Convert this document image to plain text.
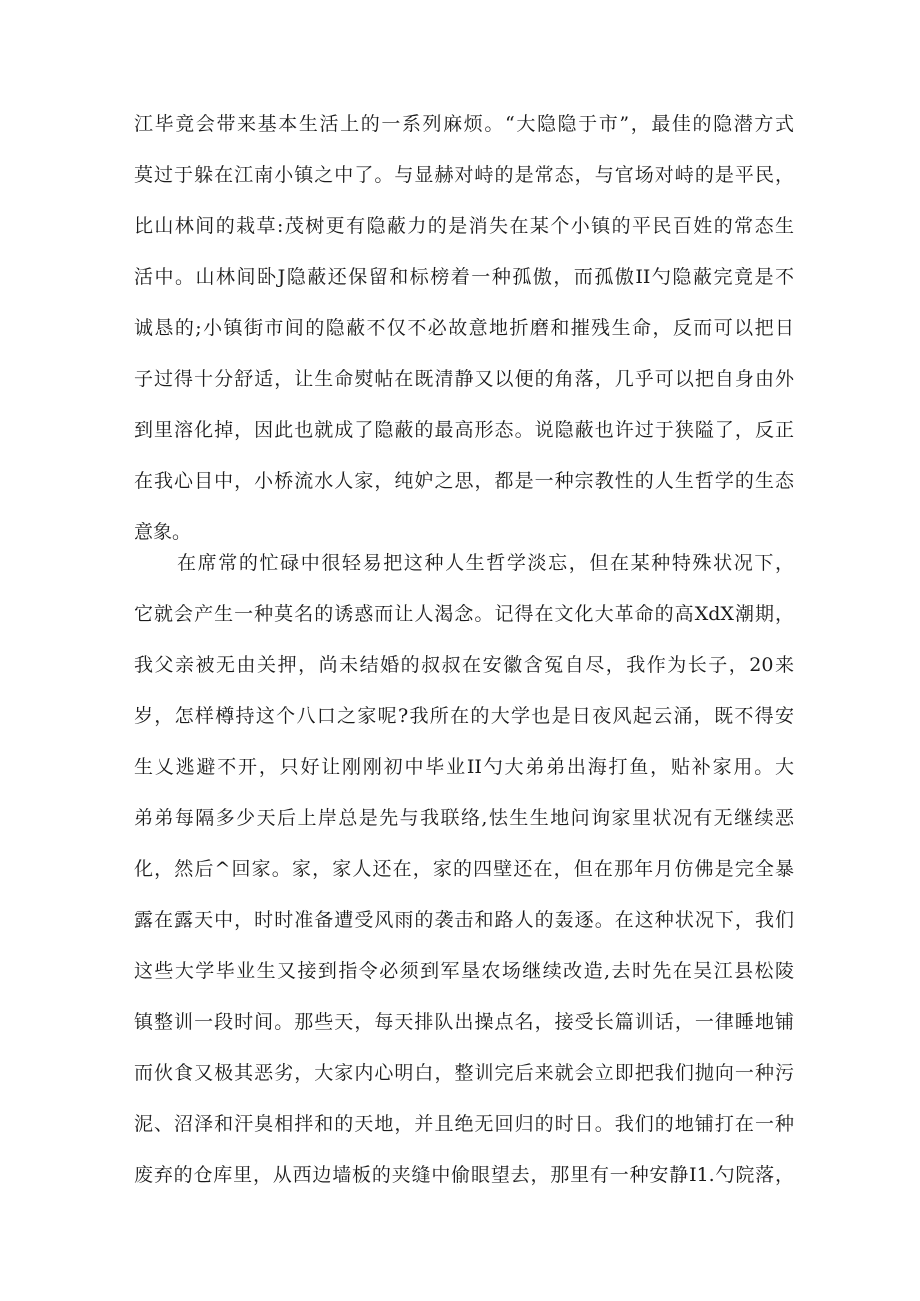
江毕竟会带来基本生活上的一系列麻烦。“大隐隐于市”，最佳的隐潜方式
莫过于躲在江南小镇之中了。与显赫对峙的是常态，与官场对峙的是平民，
比山林间的栽草:茂树更有隐蔽力的是消失在某个小镇的平民百姓的常态生
活中。山林间卧J隐蔽还保留和标榜着一种孤傲，而孤傲II勺隐蔽完竟是不
诚恳的;小镇街市间的隐蔽不仅不必故意地折磨和摧残生命，反而可以把日
子过得十分舒适，让生命熨帖在既清静又以便的角落，几乎可以把自身由外
到里溶化掉，因此也就成了隐蔽的最高形态。说隐蔽也许过于狭隘了，反正
在我心目中，小桥流水人家，纯妒之思，都是一种宗教性的人生哲学的生态
意象。
在席常的忙碌中很轻易把这种人生哲学淡忘，但在某种特殊状况下，
它就会产生一种莫名的诱惑而让人渴念。记得在文化大革命的高XdX潮期，
我父亲被无由关押，尚未结婚的叔叔在安徽含冤自尽，我作为长子，20来
岁，怎样樽持这个八口之家呢?我所在的大学也是日夜风起云涌，既不得安
生乂逃避不开，只好让刚刚初中毕业II勺大弟弟出海打鱼，贴补家用。大
弟弟每隔多少天后上岸总是先与我联络,怯生生地问询家里状况有无继续恶
化，然后^回家。家，家人还在，家的四壁还在，但在那年月仿佛是完全暴
露在露天中，时时准备遭受风雨的袭击和路人的轰逐。在这种状况下，我们
这些大学毕业生又接到指令必须到军垦农场继续改造,去时先在吴江县松陵
镇整训一段时间。那些天，每天排队出操点名，接受长篇训话，一律睡地铺
而伙食又极其恶劣，大家内心明白，整训完后来就会立即把我们抛向一种污
泥、沼泽和汗臭相拌和的天地，并且绝无回归的时日。我们的地铺打在一种
废弃的仓库里，从西边墙板的夹缝中偷眼望去，那里有一种安静I1.勺院落，
